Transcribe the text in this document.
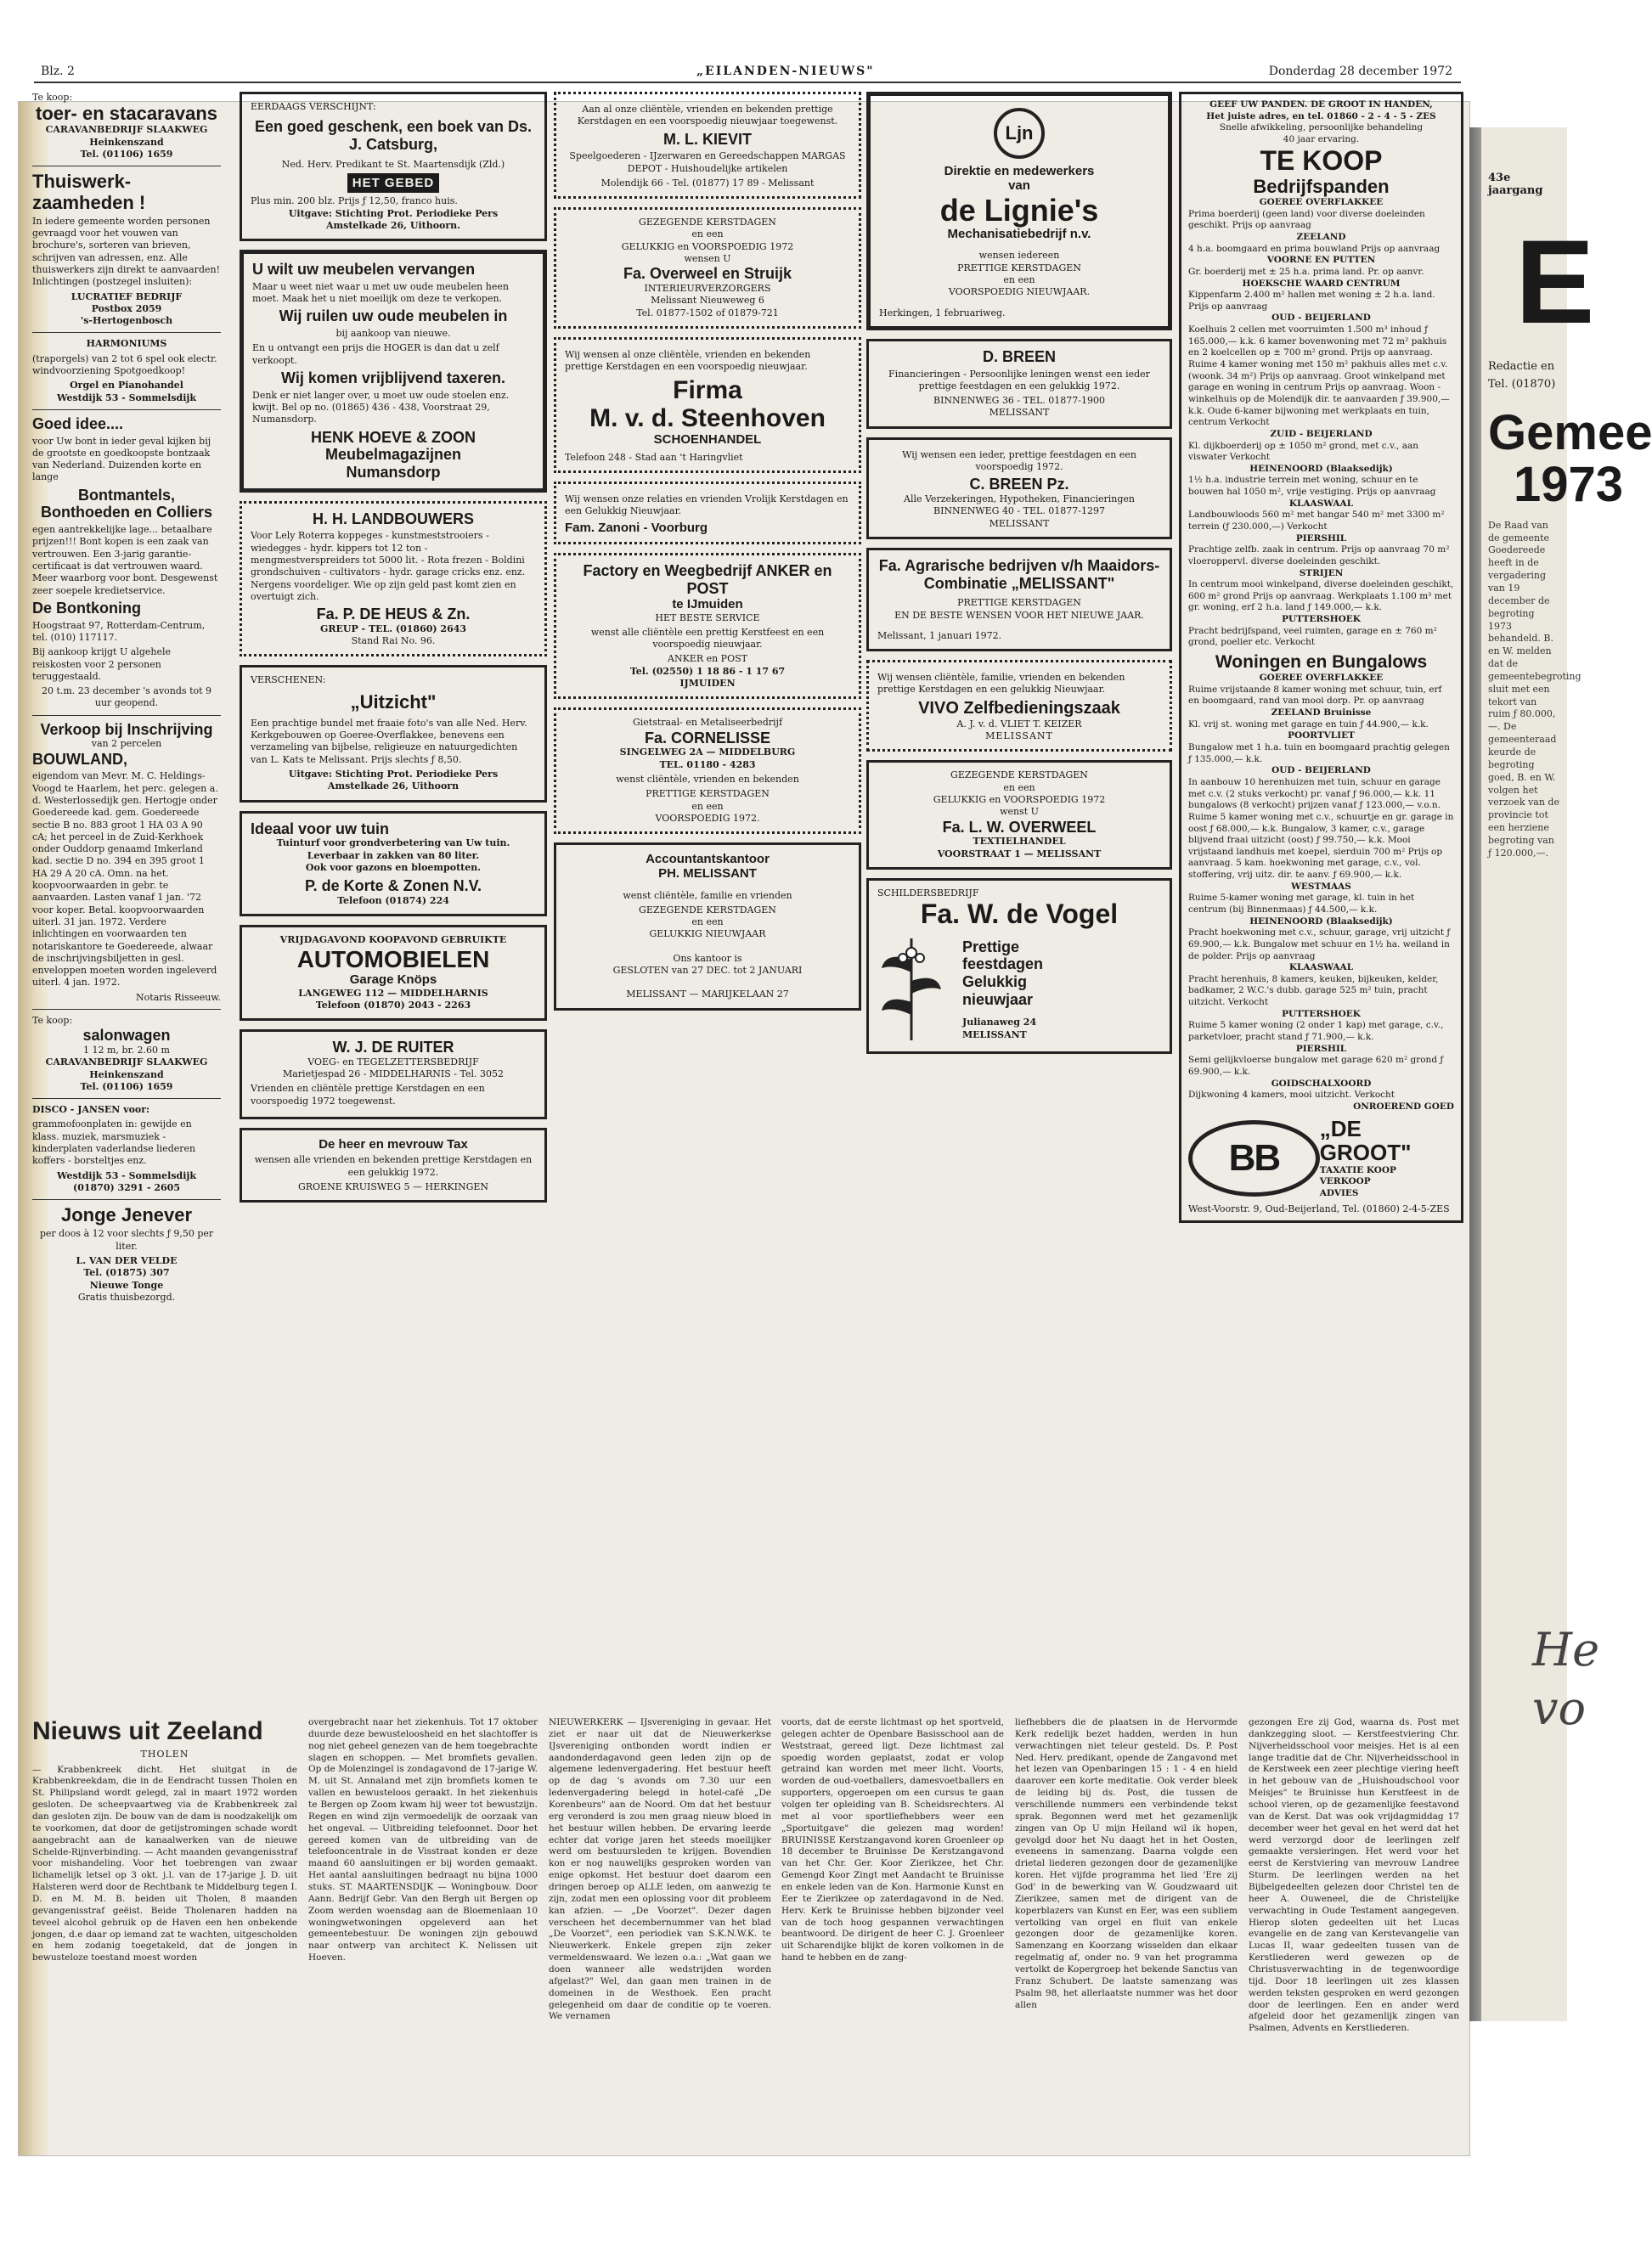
43e jaargang
E
Redactie en
Tel. (01870)
Gemee
1973
De Raad van de gemeente Goedereede heeft in de vergadering van 19 december de begroting 1973 behandeld. B. en W. melden dat de gemeentebegroting sluit met een tekort van ruim ƒ 80.000,—. De gemeenteraad keurde de begroting goed, B. en W. volgen het verzoek van de provincie tot een herziene begroting van ƒ 120.000,—.
He
vo
Blz. 2	„EILANDEN-NIEUWS"	Donderdag 28 december 1972
Te koop:
toer- en stacaravans
CARAVANBEDRIJF SLAAKWEG
Heinkenszand
Tel. (01106) 1659
Thuiswerk-zaamheden !

In iedere gemeente worden personen gevraagd voor het vouwen van brochure's, sorteren van brieven, schrijven van adressen, enz. Alle thuiswerkers zijn direkt te aanvaarden! Inlichtingen (postzegel insluiten):

LUCRATIEF BEDRIJF
Postbox 2059
's-Hertogenbosch
HARMONIUMS

(traporgels) van 2 tot 6 spel ook electr. windvoorziening Spotgoedkoop!

Orgel en Pianohandel
Westdijk 53 - Sommelsdijk
Goed idee....

voor Uw bont in ieder geval kijken bij de grootste en goedkoopste bontzaak van Nederland. Duizenden korte en lange

Bontmantels, Bonthoeden en Colliers

egen aantrekkelijke lage... betaalbare prijzen!!! Bont kopen is een zaak van vertrouwen. Een 3-jarig garantie-certificaat is dat vertrouwen waard. Meer waarborg voor bont. Desgewenst zeer soepele kredietservice.

De Bontkoning

Hoogstraat 97, Rotterdam-Centrum, tel. (010) 117117.

Bij aankoop krijgt U algehele reiskosten voor 2 personen teruggestaald.

20 t.m. 23 december 's avonds tot 9 uur geopend.

Verkoop bij Inschrijving
van 2 percelen
BOUWLAND,

eigendom van Mevr. M. C. Heldings-Voogd te Haarlem, het perc. gelegen a. d. Westerlossedijk gen. Hertogje onder Goedereede kad. gem. Goedereede sectie B no. 883 groot 1 HA 03 A 90 cA; het perceel in de Zuid-Kerkhoek onder Ouddorp genaamd Imkerland kad. sectie D no. 394 en 395 groot 1 HA 29 A 20 cA. Omn. na het. koopvoorwaarden in gebr. te aanvaarden. Lasten vanaf 1 jan. '72 voor koper. Betal. koopvoorwaarden uiterl. 31 jan. 1972. Verdere inlichtingen en voorwaarden ten notariskantore te Goedereede, alwaar de inschrijvingsbiljetten in gesl. enveloppen moeten worden ingeleverd uiterl. 4 jan. 1972.

Notaris Risseeuw.
Te koop:
salonwagen
1 12 m, br. 2.60 m
CARAVANBEDRIJF SLAAKWEG
Heinkenszand
Tel. (01106) 1659
DISCO - JANSEN voor:

grammofoonplaten in: gewijde en klass. muziek, marsmuziek - kinderplaten vaderlandse liederen koffers - borsteltjes enz.

Westdijk 53 - Sommelsdijk
(01870) 3291 - 2605
Jonge Jenever

per doos à 12 voor slechts ƒ 9,50 per liter.

L. VAN DER VELDE
Tel. (01875) 307
Nieuwe Tonge
Gratis thuisbezorgd.
EERDAAGS VERSCHIJNT:
Een goed geschenk, een boek van Ds. J. Catsburg,
Ned. Herv. Predikant te St. Maartensdijk (Zld.)
HET GEBED
Plus min. 200 blz. Prijs ƒ 12,50, franco huis.
Uitgave: Stichting Prot. Periodieke Pers
Amstelkade 26, Uithoorn.
U wilt uw meubelen vervangen

Maar u weet niet waar u met uw oude meubelen heen moet. Maak het u niet moeilijk om deze te verkopen.

Wij ruilen uw oude meubelen in

bij aankoop van nieuwe.

En u ontvangt een prijs die HOGER is dan dat u zelf verkoopt.

Wij komen vrijblijvend taxeren.

Denk er niet langer over, u moet uw oude stoelen enz. kwijt. Bel op no. (01865) 436 - 438, Voorstraat 29, Numansdorp.

HENK HOEVE & ZOON
Meubelmagazijnen
Numansdorp
H. H. LANDBOUWERS

Voor Lely Roterra koppeges - kunstmeststrooiers - wiedegges - hydr. kippers tot 12 ton - mengmestverspreiders tot 5000 lit. - Rota frezen - Boldini grondschuiven - cultivators - hydr. garage cricks enz. enz. Nergens voordeliger. Wie op zijn geld past komt zien en overtuigt zich.

Fa. P. DE HEUS & Zn.
GREUP - TEL. (01860) 2643
Stand Rai No. 96.
VERSCHENEN:
„Uitzicht"

Een prachtige bundel met fraaie foto's van alle Ned. Herv. Kerkgebouwen op Goeree-Overflakkee, benevens een verzameling van bijbelse, religieuze en natuurgedichten van L. Kats te Melissant. Prijs slechts ƒ 8,50.

Uitgave: Stichting Prot. Periodieke Pers
Amstelkade 26, Uithoorn
Ideaal voor uw tuin
Tuinturf voor grondverbetering van Uw tuin.
Leverbaar in zakken van 80 liter.
Ook voor gazons en bloempotten.
P. de Korte & Zonen N.V.
Telefoon (01874) 224
VRIJDAGAVOND KOOPAVOND GEBRUIKTE
AUTOMOBIELEN
Garage Knöps
LANGEWEG 112 — MIDDELHARNIS
Telefoon (01870) 2043 - 2263
W. J. DE RUITER
VOEG- en TEGELZETTERSBEDRIJF
Marietjespad 26 - MIDDELHARNIS - Tel. 3052

Vrienden en cliëntèle prettige Kerstdagen en een voorspoedig 1972 toegewenst.

De heer en mevrouw Tax

wensen alle vrienden en bekenden prettige Kerstdagen en een gelukkig 1972.

GROENE KRUISWEG 5 — HERKINGEN

Aan al onze cliëntèle, vrienden en bekenden prettige Kerstdagen en een voorspoedig nieuwjaar toegewenst.

M. L. KIEVIT

Speelgoederen - IJzerwaren en Gereedschappen MARGAS DEPOT - Huishoudelijke artikelen

Molendijk 66 - Tel. (01877) 17 89 - Melissant
GEZEGENDE KERSTDAGEN
en een
GELUKKIG en VOORSPOEDIG 1972
wensen U
Fa. Overweel en Struijk
INTERIEURVERZORGERS
Melissant Nieuweweg 6
Tel. 01877-1502 of 01879-721

Wij wensen al onze cliëntèle, vrienden en bekenden prettige Kerstdagen en een voorspoedig nieuwjaar.

Firma
M. v. d. Steenhoven
SCHOENHANDEL
Telefoon 248 - Stad aan 't Haringvliet

Wij wensen onze relaties en vrienden Vrolijk Kerstdagen en een Gelukkig Nieuwjaar.

Fam. Zanoni - Voorburg
Factory en Weegbedrijf ANKER en POST
te IJmuiden
HET BESTE SERVICE

wenst alle cliëntèle een prettig Kerstfeest en een voorspoedig nieuwjaar.

ANKER en POST
Tel. (02550) 1 18 86 - 1 17 67
IJMUIDEN
Gietstraal- en Metaliseerbedrijf
Fa. CORNELISSE
SINGELWEG 2A — MIDDELBURG
TEL. 01180 - 4283

wenst cliëntèle, vrienden en bekenden

PRETTIGE KERSTDAGEN
en een
VOORSPOEDIG 1972.
Accountantskantoor
PH. MELISSANT

wenst cliëntèle, familie en vrienden

GEZEGENDE KERSTDAGEN
en een
GELUKKIG NIEUWJAAR
Ons kantoor is
GESLOTEN van 27 DEC. tot 2 JANUARI
MELISSANT — MARIJKELAAN 27
Ljn
Direktie en medewerkers
van
de Lignie's
Mechanisatiebedrijf n.v.
wensen iedereen
PRETTIGE KERSTDAGEN
en een
VOORSPOEDIG NIEUWJAAR.
Herkingen, 1 februariweg.
D. BREEN

Financieringen - Persoonlijke leningen wenst een ieder prettige feestdagen en een gelukkig 1972.

BINNENWEG 36 - TEL. 01877-1900
MELISSANT

Wij wensen een ieder, prettige feestdagen en een voorspoedig 1972.

C. BREEN Pz.
Alle Verzekeringen, Hypotheken, Financieringen
BINNENWEG 40 - TEL. 01877-1297
MELISSANT
Fa. Agrarische bedrijven v/h Maaidors-Combinatie „MELISSANT"
PRETTIGE KERSTDAGEN
EN DE BESTE WENSEN VOOR HET NIEUWE JAAR.
Melissant, 1 januari 1972.

Wij wensen cliëntèle, familie, vrienden en bekenden prettige Kerstdagen en een gelukkig Nieuwjaar.

VIVO Zelfbedieningszaak
A. J. v. d. VLIET T. KEIZER
MELISSANT
GEZEGENDE KERSTDAGEN
en een
GELUKKIG en VOORSPOEDIG 1972
wenst U
Fa. L. W. OVERWEEL
TEXTIELHANDEL
VOORSTRAAT 1 — MELISSANT
SCHILDERSBEDRIJF
Fa. W. de Vogel
Prettige
feestdagen
Gelukkig
nieuwjaar
Julianaweg 24
MELISSANT
GEEF UW PANDEN. DE GROOT IN HANDEN,
Het juiste adres, en tel. 01860 - 2 - 4 - 5 - ZES
Snelle afwikkeling, persoonlijke behandeling
40 jaar ervaring.
TE KOOP
Bedrijfspanden
GOEREE OVERFLAKKEE
Prima boerderij (geen land) voor diverse doeleinden geschikt. Prijs op aanvraag
ZEELAND
4 h.a. boomgaard en prima bouwland Prijs op aanvraag
VOORNE EN PUTTEN
Gr. boerderij met ± 25 h.a. prima land. Pr. op aanvr.
HOEKSCHE WAARD CENTRUM
Kippenfarm 2.400 m² hallen met woning ± 2 h.a. land. Prijs op aanvraag
OUD - BEIJERLAND
Koelhuis 2 cellen met voorruimten 1.500 m³ inhoud ƒ 165.000,— k.k. 6 kamer bovenwoning met 72 m² pakhuis en 2 koelcellen op ± 700 m² grond. Prijs op aanvraag. Ruime 4 kamer woning met 150 m² pakhuis alles met c.v. (woonk. 34 m²) Prijs op aanvraag. Groot winkelpand met garage en woning in centrum Prijs op aanvraag. Woon - winkelhuis op de Molendijk dir. te aanvaarden ƒ 39.900,— k.k. Oude 6-kamer bijwoning met werkplaats en tuin, centrum Verkocht
ZUID - BEIJERLAND
Kl. dijkboerderij op ± 1050 m² grond, met c.v., aan viswater Verkocht
HEINENOORD (Blaaksedijk)
1½ h.a. industrie terrein met woning, schuur en te bouwen hal 1050 m², vrije vestiging. Prijs op aanvraag
KLAASWAAL
Landbouwloods 560 m² met hangar 540 m² met 3300 m² terrein (ƒ 230.000,—) Verkocht
PIERSHIL
Prachtige zelfb. zaak in centrum. Prijs op aanvraag 70 m² vloeroppervl. diverse doeleinden geschikt.
STRIJEN
In centrum mooi winkelpand, diverse doeleinden geschikt, 600 m² grond Prijs op aanvraag. Werkplaats 1.100 m³ met gr. woning, erf 2 h.a. land ƒ 149.000,— k.k.
PUTTERSHOEK
Pracht bedrijfspand, veel ruimten, garage en ± 760 m² grond, poelier etc. Verkocht
Woningen en Bungalows
GOEREE OVERFLAKKEE
Ruime vrijstaande 8 kamer woning met schuur, tuin, erf en boomgaard, rand van mooi dorp. Pr. op aanvraag
ZEELAND Bruinisse
Kl. vrij st. woning met garage en tuin ƒ 44.900,— k.k.
POORTVLIET
Bungalow met 1 h.a. tuin en boomgaard prachtig gelegen ƒ 135.000,— k.k.
OUD - BEIJERLAND
In aanbouw 10 herenhuizen met tuin, schuur en garage met c.v. (2 stuks verkocht) pr. vanaf ƒ 96.000,— k.k. 11 bungalows (8 verkocht) prijzen vanaf ƒ 123.000,— v.o.n. Ruime 5 kamer woning met c.v., schuurtje en gr. garage in oost ƒ 68.000,— k.k. Bungalow, 3 kamer, c.v., garage blijvend fraai uitzicht (oost) ƒ 99.750,— k.k. Mooi vrijstaand landhuis met koepel, sierduin 700 m² Prijs op aanvraag. 5 kam. hoekwoning met garage, c.v., vol. stoffering, vrij uitz. dir. te aanv. ƒ 69.900,— k.k.
WESTMAAS
Ruime 5-kamer woning met garage, kl. tuin in het centrum (bij Binnenmaas) ƒ 44.500,— k.k.
HEINENOORD (Blaaksedijk)
Pracht hoekwoning met c.v., schuur, garage, vrij uitzicht ƒ 69.900,— k.k. Bungalow met schuur en 1½ ha. weiland in de polder. Prijs op aanvraag
KLAASWAAL
Pracht herenhuis, 8 kamers, keuken, bijkeuken, kelder, badkamer, 2 W.C.'s dubb. garage 525 m² tuin, pracht uitzicht. Verkocht
PUTTERSHOEK
Ruime 5 kamer woning (2 onder 1 kap) met garage, c.v., parketvloer, pracht stand ƒ 71.900,— k.k.
PIERSHIL
Semi gelijkvloerse bungalow met garage 620 m² grond ƒ 69.900,— k.k.
GOIDSCHALXOORD
Dijkwoning 4 kamers, mooi uitzicht. Verkocht
ONROEREND GOED
BB
„DE GROOT"
TAXATIE KOOP
VERKOOP
ADVIES
West-Voorstr. 9, Oud-Beijerland, Tel. (01860) 2-4-5-ZES
Nieuws uit Zeeland
THOLEN
— Krabbenkreek dicht. Het sluitgat in de Krabbenkreekdam, die in de Eendracht tussen Tholen en St. Philipsland wordt gelegd, zal in maart 1972 worden gesloten. De scheepvaartweg via de Krabbenkreek zal dan gesloten zijn. De bouw van de dam is noodzakelijk om te voorkomen, dat door de getijstromingen schade wordt aangebracht aan de kanaalwerken van de nieuwe Schelde-Rijnverbinding. — Acht maanden gevangenisstraf voor mishandeling. Voor het toebrengen van zwaar lichamelijk letsel op 3 okt. j.l. van de 17-jarige J. D. uit Halsteren werd door de Rechtbank te Middelburg tegen I. D. en M. M. B. beiden uit Tholen, 8 maanden gevangenisstraf geëist. Beide Tholenaren hadden na teveel alcohol gebruik op de Haven een hen onbekende jongen, d.e daar op iemand zat te wachten, uitgescholden en hem zodanig toegetakeld, dat de jongen in bewusteloze toestand moest worden
overgebracht naar het ziekenhuis. Tot 17 oktober duurde deze bewusteloosheid en het slachtoffer is nog niet geheel genezen van de hem toegebrachte slagen en schoppen. — Met bromfiets gevallen. Op de Molenzingel is zondagavond de 17-jarige W. M. uit St. Annaland met zijn bromfiets komen te vallen en bewusteloos geraakt. In het ziekenhuis te Bergen op Zoom kwam hij weer tot bewustzijn. Regen en wind zijn vermoedelijk de oorzaak van het ongeval. — Uitbreiding telefoonnet. Door het gereed komen van de uitbreiding van de telefooncentrale in de Visstraat konden er deze maand 60 aansluitingen er bij worden gemaakt. Het aantal aansluitingen bedraagt nu bijna 1000 stuks. ST. MAARTENSDIJK — Woningbouw. Door Aann. Bedrijf Gebr. Van den Bergh uit Bergen op Zoom werden woensdag aan de Bloemenlaan 10 woningwetwoningen opgeleverd aan het gemeentebestuur. De woningen zijn gebouwd naar ontwerp van architect K. Nelissen uit Hoeven.
NIEUWERKERK — IJsvereniging in gevaar. Het ziet er naar uit dat de Nieuwerkerkse IJsvereniging ontbonden wordt indien er aandonderdagavond geen leden zijn op de algemene ledenvergadering. Het bestuur heeft op de dag 's avonds om 7.30 uur een ledenvergadering belegd in hotel-café „De Korenbeurs" aan de Noord. Om dat het bestuur erg veronderd is zou men graag nieuw bloed in het bestuur willen hebben. De ervaring leerde echter dat vorige jaren het steeds moeilijker werd om bestuursleden te krijgen. Bovendien kon er nog nauwelijks gesproken worden van enige opkomst. Het bestuur doet daarom een dringen beroep op ALLE leden, om aanwezig te zijn, zodat men een oplossing voor dit probleem kan afzien. — „De Voorzet". Dezer dagen verscheen het decembernummer van het blad „De Voorzet", een periodiek van S.K.N.W.K. te Nieuwerkerk. Enkele grepen zijn zeker vermeldenswaard. We lezen o.a.: „Wat gaan we doen wanneer alle wedstrijden worden afgelast?" Wel, dan gaan men trainen in de domeinen in de Westhoek. Een pracht gelegenheid om daar de conditie op te voeren. We vernamen
voorts, dat de eerste lichtmast op het sportveld, gelegen achter de Openbare Basisschool aan de Weststraat, gereed ligt. Deze lichtmast zal spoedig worden geplaatst, zodat er volop getraind kan worden met meer licht. Voorts, worden de oud-voetballers, damesvoetballers en supporters, opgeroepen om een cursus te gaan volgen ter opleiding van B. Scheidsrechters. Al met al voor sportliefhebbers weer een „Sportuitgave" die gelezen mag worden! BRUINISSE Kerstzangavond koren Groenleer op 18 december te Bruinisse De Kerstzangavond van het Chr. Ger. Koor Zierikzee, het Chr. Gemengd Koor Zingt met Aandacht te Bruinisse en enkele leden van de Kon. Harmonie Kunst en Eer te Zierikzee op zaterdagavond in de Ned. Herv. Kerk te Bruinisse hebben bijzonder veel van de toch hoog gespannen verwachtingen beantwoord. De dirigent de heer C. J. Groenleer uit Scharendijke blijkt de koren volkomen in de hand te hebben en de zang-
liefhebbers die de plaatsen in de Hervormde Kerk redelijk bezet hadden, werden in hun verwachtingen niet teleur gesteld. Ds. P. Post Ned. Herv. predikant, opende de Zangavond met het lezen van Openbaringen 15 : 1 - 4 en hield daarover een korte meditatie. Ook verder bleek de leiding bij ds. Post, die tussen de verschillende nummers een verbindende tekst sprak. Begonnen werd met het gezamenlijk zingen van Op U mijn Heiland wil ik hopen, gevolgd door het Nu daagt het in het Oosten, eveneens in samenzang. Daarna volgde een drietal liederen gezongen door de gezamenlijke koren. Het vijfde programma het lied 'Ere zij God' in de bewerking van W. Goudzwaard uit Zierikzee, samen met de dirigent van de koperblazers van Kunst en Eer, was een subliem vertolking van orgel en fluit van enkele gezongen door de gezamenlijke koren. Samenzang en Koorzang wisselden dan elkaar regelmatig af, onder no. 9 van het programma vertolkt de Kopergroep het bekende Sanctus van Franz Schubert. De laatste samenzang was Psalm 98, het allerlaatste nummer was het door allen
gezongen Ere zij God, waarna ds. Post met dankzegging sloot. — Kerstfeestviering Chr. Nijverheidsschool voor meisjes. Het is al een lange traditie dat de Chr. Nijverheidsschool in de Kerstweek een zeer plechtige viering heeft in het gebouw van de „Huishoudschool voor Meisjes" te Bruinisse hun Kerstfeest in de school vieren, op de gezamenlijke feestavond van de Kerst. Dat was ook vrijdagmiddag 17 december weer het geval en het werd dat het werd verzorgd door de leerlingen zelf gemaakte versieringen. Het werd voor het eerst de Kerstviering van mevrouw Landree Sturm. De leerlingen werden na het Bijbelgedeelten gelezen door Christel ten de heer A. Ouweneel, die de Christelijke verwachting in Oude Testament aangegeven. Hierop sloten gedeelten uit het Lucas evangelie en de zang van Kerstevangelie van Lucas II, waar gedeelten tussen van de Kerstliederen werd gewezen op de Christusverwachting in de tegenwoordige tijd. Door 18 leerlingen uit zes klassen werden teksten gesproken en werd gezongen door de leerlingen. Een en ander werd afgeleid door het gezamenlijk zingen van Psalmen, Advents en Kerstliederen.
